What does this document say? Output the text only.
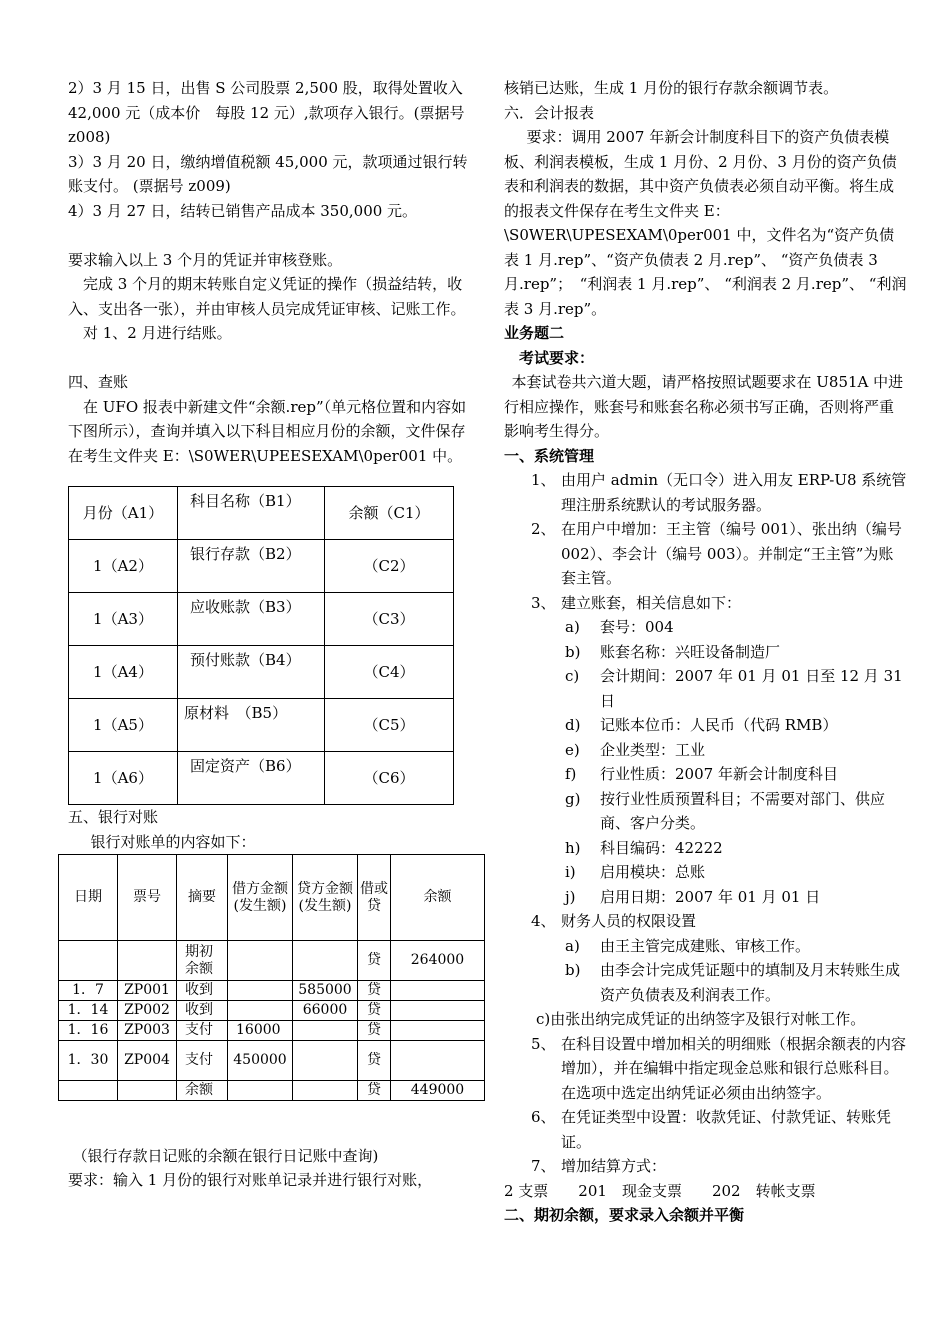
2）3 月 15 日，出售 S 公司股票 2,500 股，取得处置收入 42,000 元（成本价　每股 12 元）,款项存入银行。(票据号 z008)

3）3 月 20 日，缴纳增值税额 45,000 元，款项通过银行转账支付。 (票据号 z009)

4）3 月 27 日，结转已销售产品成本 350,000 元。

要求输入以上 3 个月的凭证并审核登账。

完成 3 个月的期末转账自定义凭证的操作（损益结转，收入、支出各一张），并由审核人员完成凭证审核、记账工作。

对 1、2 月进行结账。

四、查账

在 UFO 报表中新建文件“余额.rep”（单元格位置和内容如下图所示），查询并填入以下科目相应月份的余额，文件保存在考生文件夹 E：\S0WER\UPEESEXAM\0per001 中。

月份（A1）	科目名称（B1）	余额（C1）
1（A2）	银行存款（B2）	（C2）
1（A3）	应收账款（B3）	（C3）
1（A4）	预付账款（B4）	（C4）
1（A5）	原材料　（B5）	（C5）
1（A6）	固定资产（B6）	（C6）

五、银行对账

银行对账单的内容如下：

日期	票号	摘要	借方金额(发生额)	贷方金额(发生额)	借或贷	余额
		期初余额			贷	264000
1．7	ZP001	收到		585000	贷	
1．14	ZP002	收到		66000	贷	
1．16	ZP003	支付	16000		贷	
1．30	ZP004	支付	450000		贷	
		余额			贷	449000

（银行存款日记账的余额在银行日记账中查询)

要求：输入 1 月份的银行对账单记录并进行银行对账，

核销已达账，生成 1 月份的银行存款余额调节表。

六．会计报表

要求：调用 2007 年新会计制度科目下的资产负债表模板、利润表模板，生成 1 月份、2 月份、3 月份的资产负债表和利润表的数据，其中资产负债表必须自动平衡。将生成的报表文件保存在考生文件夹 E：\S0WER\UPESEXAM\0per001 中，文件名为“资产负债表 1 月.rep”、“资产负债表 2 月.rep”、 “资产负债表 3 月.rep”；　“利润表 1 月.rep”、 “利润表 2 月.rep”、 “利润表 3 月.rep”。

业务题二

考试要求：

本套试卷共六道大题，请严格按照试题要求在 U851A 中进行相应操作，账套号和账套名称必须书写正确，否则将严重影响考生得分。

一、系统管理

1、 由用户 admin（无口令）进入用友 ERP-U8 系统管理注册系统默认的考试服务器。
2、 在用户中增加：王主管（编号 001）、张出纳（编号 002）、李会计（编号 003）。并制定“王主管”为账套主管。
3、 建立账套，相关信息如下：
a) 套号：004
b) 账套名称：兴旺设备制造厂
c) 会计期间：2007 年 01 月 01 日至 12 月 31 日
d) 记账本位币：人民币（代码 RMB）
e) 企业类型：工业
f) 行业性质：2007 年新会计制度科目
g) 按行业性质预置科目；不需要对部门、供应商、客户分类。
h) 科目编码：42222
i) 启用模块：总账
j) 启用日期：2007 年 01 月 01 日
4、 财务人员的权限设置
a) 由王主管完成建账、审核工作。
b) 由李会计完成凭证题中的填制及月末转账生成资产负债表及利润表工作。

c)由张出纳完成凭证的出纳签字及银行对帐工作。

5、 在科目设置中增加相关的明细账（根据余额表的内容增加），并在编辑中指定现金总账和银行总账科目。在选项中选定出纳凭证必须由出纳签字。
6、 在凭证类型中设置：收款凭证、付款凭证、转账凭证。
7、 增加结算方式：

2 支票　　201　现金支票　　202　转帐支票

二、期初余额，要求录入余额并平衡
